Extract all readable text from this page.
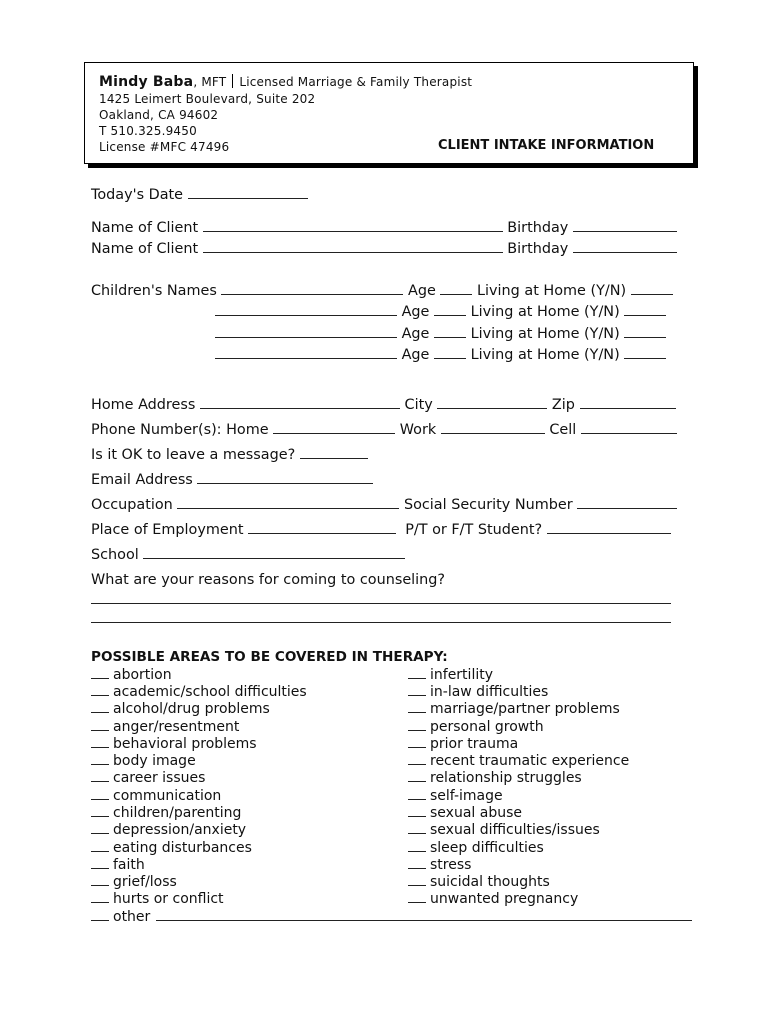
Mindy Baba, MFT Licensed Marriage & Family Therapist
1425 Leimert Boulevard, Suite 202
Oakland, CA 94602
T 510.325.9450
License #MFC 47496	CLIENT INTAKE INFORMATION
Today's Date
Name of Client	Birthday
Name of Client	Birthday
Children's Names	Age	Living at Home (Y/N)
Age	Living at Home (Y/N)
Age	Living at Home (Y/N)
Age	Living at Home (Y/N)
Home Address	City	Zip
Phone Number(s): Home	Work	Cell
Is it OK to leave a message?
Email Address
Occupation	Social Security Number
Place of Employment	P/T or F/T Student?
School
What are your reasons for coming to counseling?
POSSIBLE AREAS TO BE COVERED IN THERAPY:
abortion
academic/school difficulties
alcohol/drug problems
anger/resentment
behavioral problems
body image
career issues
communication
children/parenting
depression/anxiety
eating disturbances
faith
grief/loss
hurts or conflict
other
infertility
in-law difficulties
marriage/partner problems
personal growth
prior trauma
recent traumatic experience
relationship struggles
self-image
sexual abuse
sexual difficulties/issues
sleep difficulties
stress
suicidal thoughts
unwanted pregnancy
